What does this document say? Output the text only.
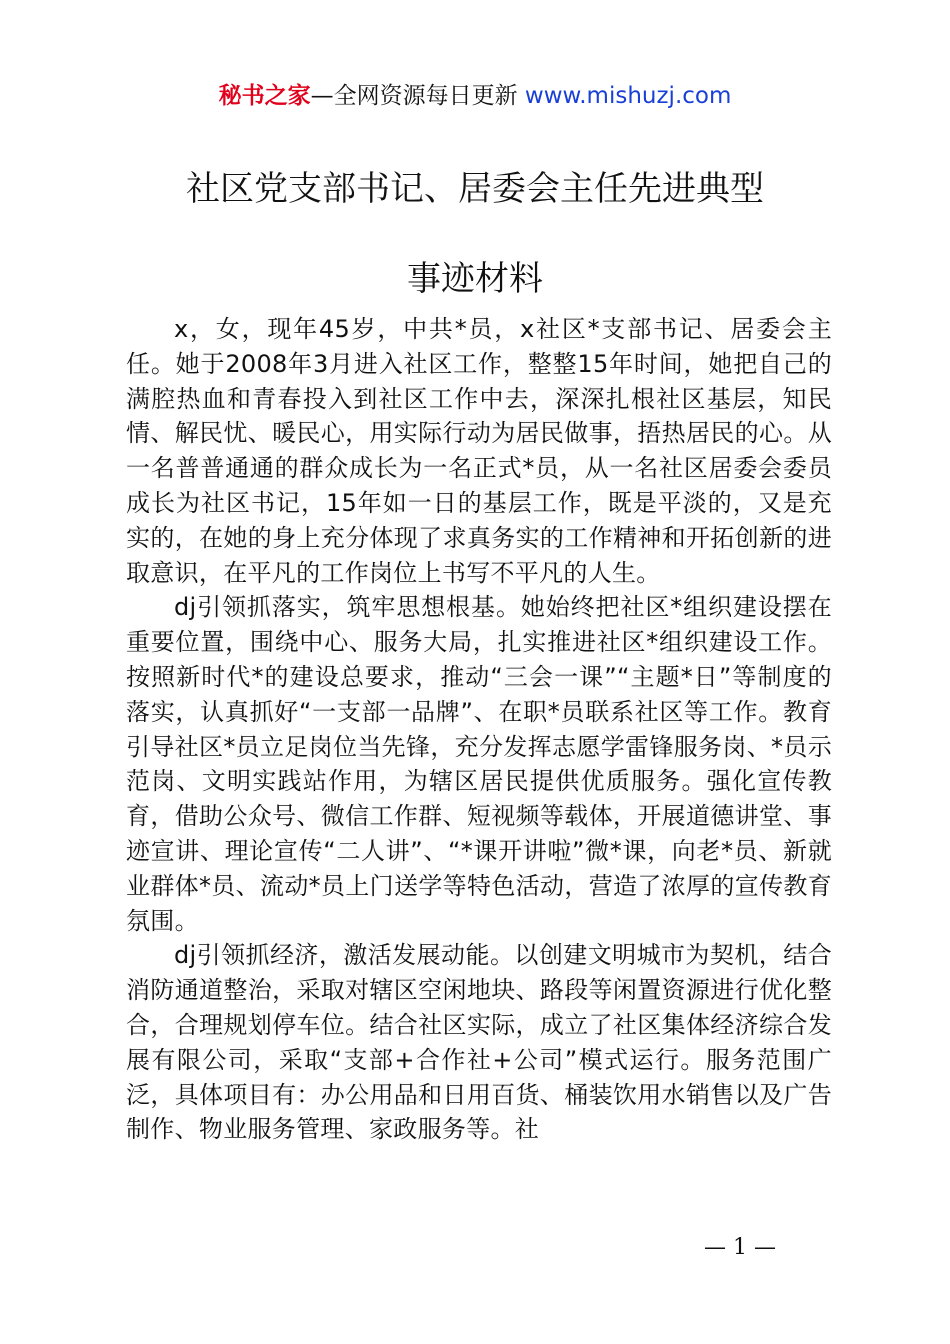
秘书之家—全网资源每日更新 www.mishuzj.com
社区党支部书记、居委会主任先进典型
事迹材料

x，女，现年45岁，中共*员，x社区*支部书记、居委会主任。她于2008年3月进入社区工作，整整15年时间，她把自己的满腔热血和青春投入到社区工作中去，深深扎根社区基层，知民情、解民忧、暖民心，用实际行动为居民做事，捂热居民的心。从一名普普通通的群众成长为一名正式*员，从一名社区居委会委员成长为社区书记，15年如一日的基层工作，既是平淡的，又是充实的，在她的身上充分体现了求真务实的工作精神和开拓创新的进取意识，在平凡的工作岗位上书写不平凡的人生。

dj引领抓落实，筑牢思想根基。她始终把社区*组织建设摆在重要位置，围绕中心、服务大局，扎实推进社区*组织建设工作。按照新时代*的建设总要求，推动“三会一课”“主题*日”等制度的落实，认真抓好“一支部一品牌”、在职*员联系社区等工作。教育引导社区*员立足岗位当先锋，充分发挥志愿学雷锋服务岗、*员示范岗、文明实践站作用，为辖区居民提供优质服务。强化宣传教育，借助公众号、微信工作群、短视频等载体，开展道德讲堂、事迹宣讲、理论宣传“二人讲”、“*课开讲啦”微*课，向老*员、新就业群体*员、流动*员上门送学等特色活动，营造了浓厚的宣传教育氛围。

dj引领抓经济，激活发展动能。以创建文明城市为契机，结合消防通道整治，采取对辖区空闲地块、路段等闲置资源进行优化整合，合理规划停车位。结合社区实际，成立了社区集体经济综合发展有限公司，采取“支部+合作社+公司”模式运行。服务范围广泛，具体项目有：办公用品和日用百货、桶装饮用水销售以及广告制作、物业服务管理、家政服务等。社

— 1 —
